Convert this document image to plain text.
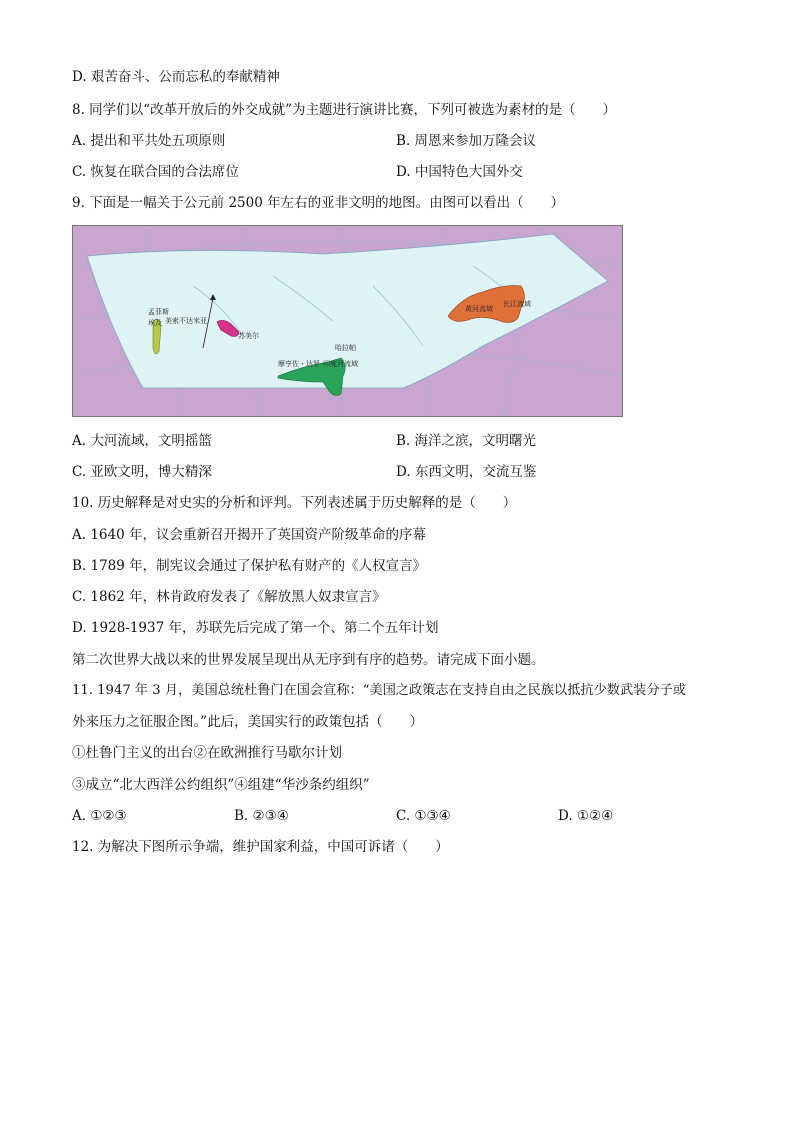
D. 艰苦奋斗、公而忘私的奉献精神
8. 同学们以“改革开放后的外交成就”为主题进行演讲比赛，下列可被选为素材的是（　　）
A. 提出和平共处五项原则	B. 周恩来参加万隆会议
C. 恢复在联合国的合法席位	D. 中国特色大国外交
9. 下面是一幅关于公元前 2500 年左右的亚非文明的地图。由图可以看出（　　）
孟菲斯
埃及 美索不达米亚
苏美尔
哈拉帕
摩亨佐・达罗 印度河流域
黄河流域
长江流域
A. 大河流域，文明摇篮	B. 海洋之滨，文明曙光
C. 亚欧文明，博大精深	D. 东西文明，交流互鉴
10. 历史解释是对史实的分析和评判。下列表述属于历史解释的是（　　）
A. 1640 年，议会重新召开揭开了英国资产阶级革命的序幕
B. 1789 年，制宪议会通过了保护私有财产的《人权宣言》
C. 1862 年，林肯政府发表了《解放黑人奴隶宣言》
D. 1928-1937 年，苏联先后完成了第一个、第二个五年计划
第二次世界大战以来的世界发展呈现出从无序到有序的趋势。请完成下面小题。
11. 1947 年 3 月，美国总统杜鲁门在国会宣称：“美国之政策志在支持自由之民族以抵抗少数武装分子或
外来压力之征服企图。”此后，美国实行的政策包括（　　）
①杜鲁门主义的出台②在欧洲推行马歇尔计划
③成立“北大西洋公约组织”④组建“华沙条约组织”
A. ①②③	B. ②③④	C. ①③④	D. ①②④
12. 为解决下图所示争端，维护国家利益，中国可诉诸（　　）
